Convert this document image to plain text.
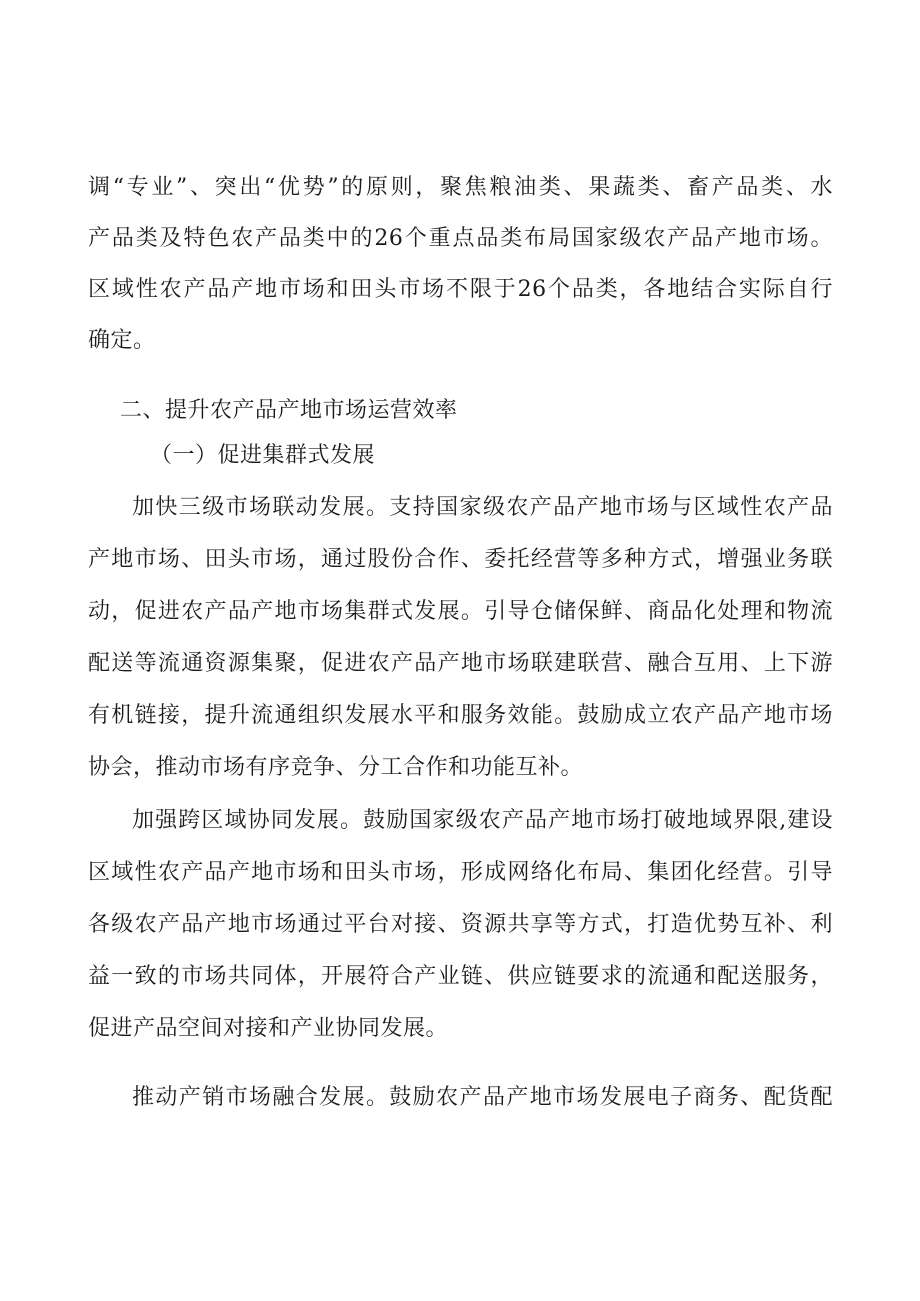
调“专业”、突出“优势”的原则，聚焦粮油类、果蔬类、畜产品类、水

产品类及特色农产品类中的26个重点品类布局国家级农产品产地市场。

区域性农产品产地市场和田头市场不限于26个品类，各地结合实际自行

确定。

二、提升农产品产地市场运营效率

（一）促进集群式发展

加快三级市场联动发展。支持国家级农产品产地市场与区域性农产品

产地市场、田头市场，通过股份合作、委托经营等多种方式，增强业务联

动，促进农产品产地市场集群式发展。引导仓储保鲜、商品化处理和物流

配送等流通资源集聚，促进农产品产地市场联建联营、融合互用、上下游

有机链接，提升流通组织发展水平和服务效能。鼓励成立农产品产地市场

协会，推动市场有序竞争、分工合作和功能互补。

加强跨区域协同发展。鼓励国家级农产品产地市场打破地域界限,建设

区域性农产品产地市场和田头市场，形成网络化布局、集团化经营。引导

各级农产品产地市场通过平台对接、资源共享等方式，打造优势互补、利

益一致的市场共同体，开展符合产业链、供应链要求的流通和配送服务，

促进产品空间对接和产业协同发展。

推动产销市场融合发展。鼓励农产品产地市场发展电子商务、配货配
